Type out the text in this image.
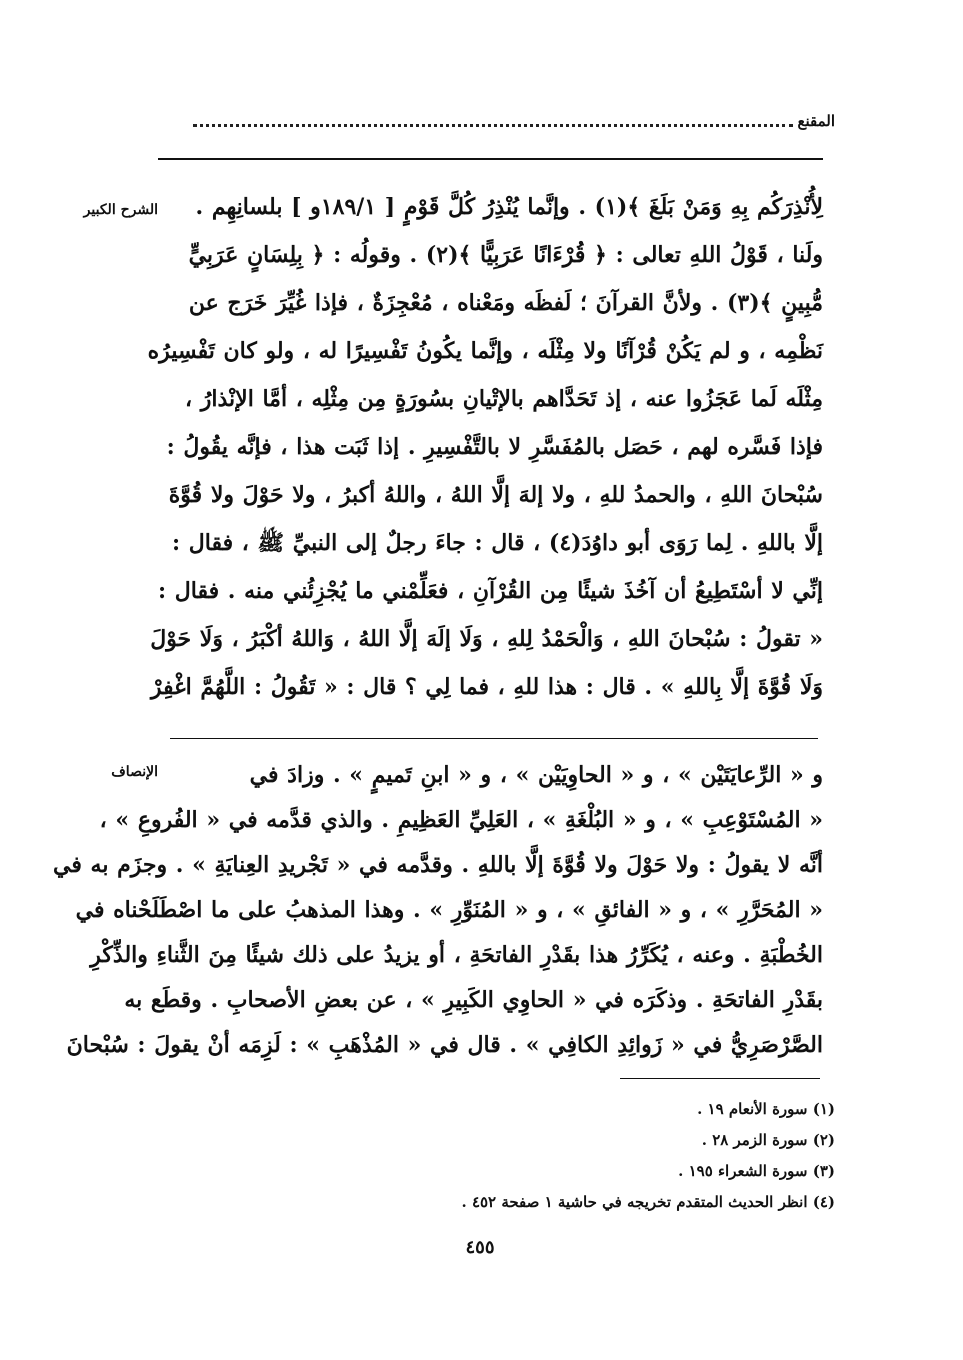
المقنع
الشرح الكبير
الإنصاف

لِأُنْذِرَكُم بِهِ وَمَنْ بَلَغَ ﴾(١) . وإنَّما يُنْذِرُ كُلَّ قَوْمٍ [ ١٨٩/١و ] بلسانِهِم .
ولَنا ، قَوْلُ اللهِ تعالى : ﴿ قُرْءَانًا عَرَبِيًّا ﴾(٢) . وقولُه : ﴿ بِلِسَانٍ عَرَبِيٍّ
مُّبِينٍ ﴾(٣) . ولأنَّ القرآنَ ؛ لَفظَه ومَعْناه ، مُعْجِزَةٌ ، فإذا غُيِّرَ خَرَج عن
نَظْمِه ، و لم يَكُنْ قُرْآنًا ولا مِثْلَه ، وإنَّما يكُونُ تَفْسِيرًا له ، ولو كان تَفْسِيرُه
مِثْلَه لَما عَجَزُوا عنه ، إذ تَحَدَّاهم بالإتْيانِ بسُورَةٍ مِن مِثْلِه ، أمَّا الإنْذارُ ،
فإذا فَسَّره لهم ، حَصَل بالمُفَسَّرِ لا بالتَّفْسِيرِ . إذا ثَبَت هذا ، فإنَّه يقُولُ :
سُبْحانَ اللهِ ، والحمدُ للهِ ، ولا إلهَ إلَّا اللهُ ، واللهُ أكبرُ ، ولا حَوْلَ ولا قُوَّةَ
إلَّا باللهِ . لِما رَوَى أبو داوُدَ(٤) ، قال : جاءَ رجلٌ إلى النبيِّ ﷺ ، فقال :
إنِّي لا أسْتَطِيعُ أن آخُذَ شيئًا مِن القُرْآنِ ، فعَلِّمْني ما يُجْزِئُني منه . فقال :
« تقولُ : سُبْحانَ اللهِ ، وَالْحَمْدُ لِلهِ ، وَلَا إلَهَ إلَّا اللهُ ، وَاللهُ أكْبَرُ ، وَلَا حَوْلَ
وَلَا قُوَّةَ إلَّا بِاللهِ » . قال : هذا للهِ ، فما لِي ؟ قال : « تَقُولُ : اللَّهُمَّ اغْفِرْ

و « الرِّعايَتَيْن » ، و « الحاوِيَيْن » ، و « ابنِ تَميمٍ » . وزادَ في
« المُسْتَوْعِبِ » ، و « البُلْغَةِ » ، العَلِيِّ العَظِيمِ . والذي قدَّمه في « الفُروعِ » ،
أنَّه لا يقولُ : ولا حَوْلَ ولا قُوَّةَ إلَّا باللهِ . وقدَّمه في « تَجْريدِ العِنايَةِ » . وجزَم به في
« المُحَرَّرِ » ، و « الفائقِ » ، و « المُنَوِّرِ » . وهذا المذهبُ على ما اصْطَلَحْناه في
الخُطْبَةِ . وعنه ، يُكَرِّرُ هذا بقَدْرِ الفاتحَةِ ، أو يزيدُ على ذلك شيئًا مِنَ الثَّناءِ والذِّكْرِ
بقَدْرِ الفاتحَةِ . وذكَرَه في « الحاوِي الكَبِيرِ » ، عن بعضِ الأصحابِ . وقطَع به
الصَّرْصَرِيُّ في « زَوائِدِ الكافِي » . قال في « المُذْهَبِ » : لَزِمَه أنْ يقولَ : سُبْحانَ

(١) سورة الأنعام ١٩ .
(٢) سورة الزمر ٢٨ .
(٣) سورة الشعراء ١٩٥ .
(٤) انظر الحديث المتقدم تخريجه في حاشية ١ صفحة ٤٥٢ .
٤٥٥
